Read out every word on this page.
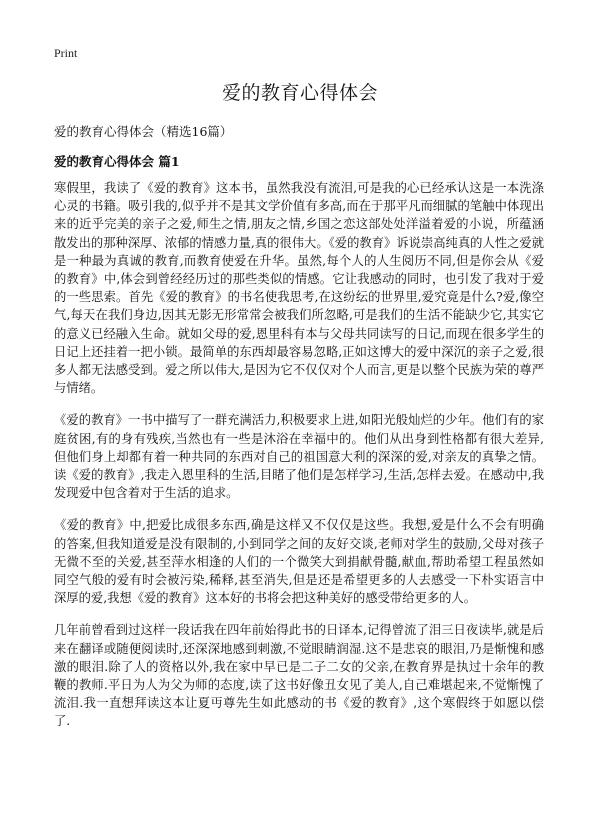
Print
爱的教育心得体会

爱的教育心得体会（精选16篇）

爱的教育心得体会 篇1

寒假里，我读了《爱的教育》这本书，虽然我没有流泪,可是我的心已经承认这是一本洗涤心灵的书籍。吸引我的,似乎并不是其文学价值有多高,而在于那平凡而细腻的笔触中体现出来的近乎完美的亲子之爱,师生之情,朋友之情,乡国之恋这部处处洋溢着爱的小说，所蕴涵散发出的那种深厚、浓郁的情感力量,真的很伟大。《爱的教育》诉说崇高纯真的人性之爱就是一种最为真诚的教育,而教育使爱在升华。虽然,每个人的人生阅历不同,但是你会从《爱的教育》中,体会到曾经经历过的那些类似的情感。它让我感动的同时，也引发了我对于爱的一些思索。首先《爱的教育》的书名使我思考,在这纷纭的世界里,爱究竟是什么?爱,像空气,每天在我们身边,因其无影无形常常会被我们所忽略,可是我们的生活不能缺少它,其实它的意义已经融入生命。就如父母的爱,恩里科有本与父母共同读写的日记,而现在很多学生的日记上还挂着一把小锁。最简单的东西却最容易忽略,正如这博大的爱中深沉的亲子之爱,很多人都无法感受到。爱之所以伟大,是因为它不仅仅对个人而言,更是以整个民族为荣的尊严与情绪。

《爱的教育》一书中描写了一群充满活力,积极要求上进,如阳光般灿烂的少年。他们有的家庭贫困,有的身有残疾,当然也有一些是沐浴在幸福中的。他们从出身到性格都有很大差异,但他们身上却都有着一种共同的东西对自己的祖国意大利的深深的爱,对亲友的真挚之情。读《爱的教育》,我走入恩里科的生活,目睹了他们是怎样学习,生活,怎样去爱。在感动中,我发现爱中包含着对于生活的追求。

《爱的教育》中,把爱比成很多东西,确是这样又不仅仅是这些。我想,爱是什么不会有明确的答案,但我知道爱是没有限制的,小到同学之间的友好交谈,老师对学生的鼓励,父母对孩子无微不至的关爱,甚至萍水相逢的人们的一个微笑大到捐献骨髓,献血,帮助希望工程虽然如同空气般的爱有时会被污染,稀释,甚至消失,但是还是希望更多的人去感受一下朴实语言中深厚的爱,我想《爱的教育》这本好的书将会把这种美好的感受带给更多的人。

几年前曾看到过这样一段话我在四年前始得此书的日译本,记得曾流了泪三日夜读毕,就是后来在翻译或随便阅读时,还深深地感到刺激,不觉眼睛润湿.这不是悲哀的眼泪,乃是惭愧和感激的眼泪.除了人的资格以外,我在家中早已是二子二女的父亲,在教育界是执过十余年的教鞭的教师.平日为人为父为师的态度,读了这书好像丑女见了美人,自己难堪起来,不觉惭愧了流泪.我一直想拜读这本让夏丏尊先生如此感动的书《爱的教育》,这个寒假终于如愿以偿了.
